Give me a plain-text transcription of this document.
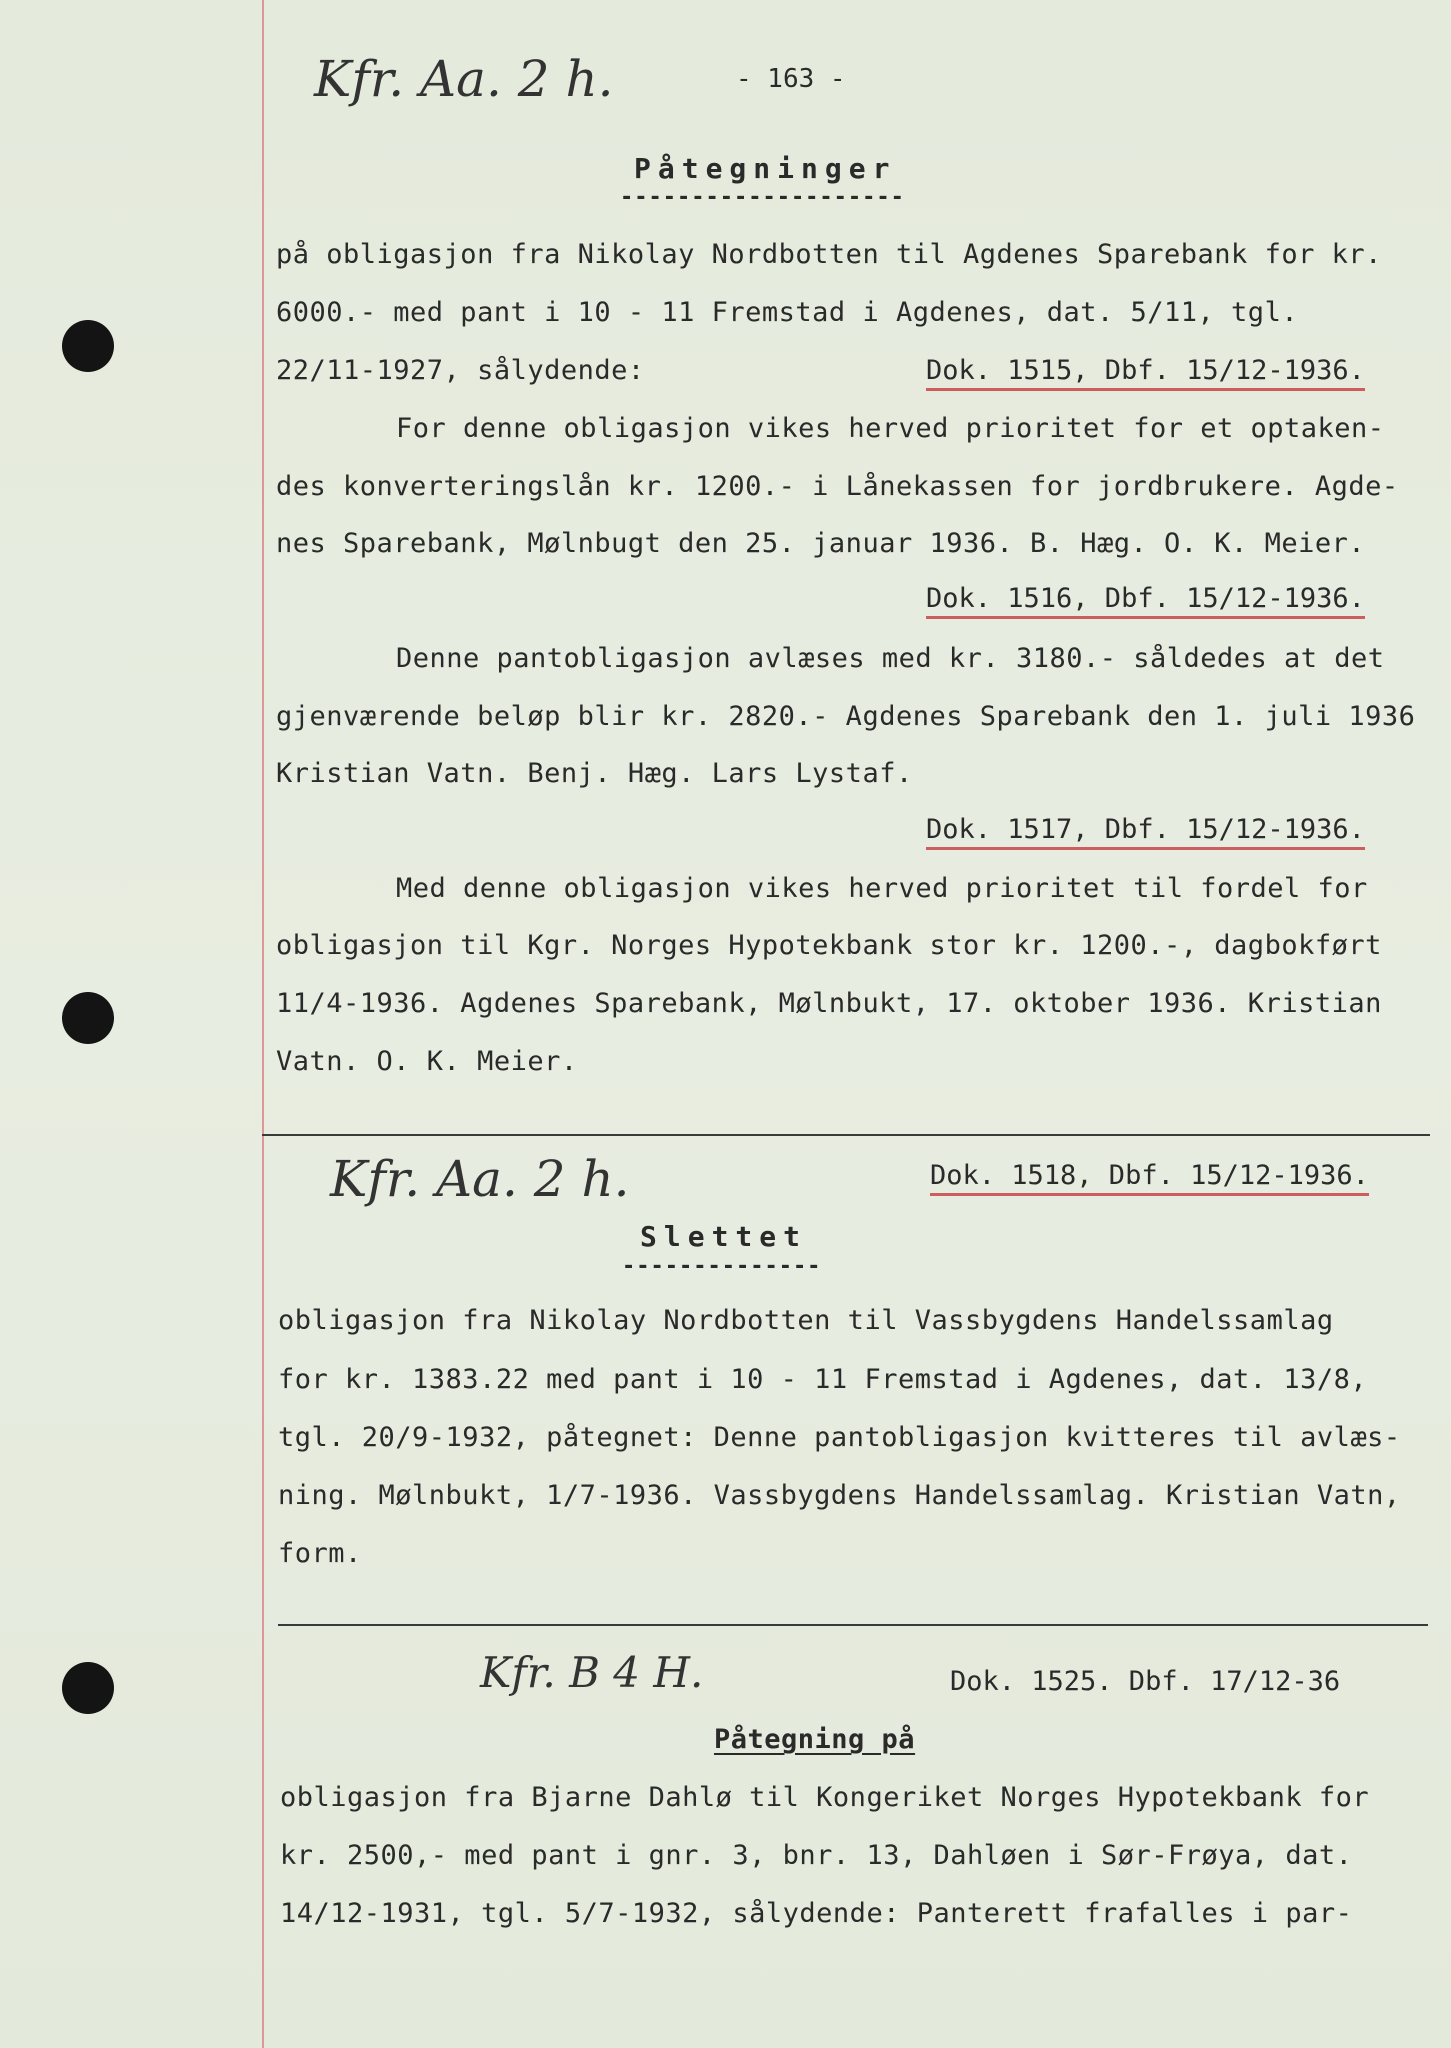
- 163 -
Kfr. Aa. 2 h.
Påtegninger
--------------------
på obligasjon fra Nikolay Nordbotten til Agdenes Sparebank for kr.
6000.- med pant i 10 - 11 Fremstad i Agdenes, dat. 5/11, tgl.
22/11-1927, sålydende:	Dok. 1515, Dbf. 15/12-1936.
For denne obligasjon vikes herved prioritet for et optaken-
des konverteringslån kr. 1200.- i Lånekassen for jordbrukere. Agde-
nes Sparebank, Mølnbugt den 25. januar 1936. B. Hæg. O. K. Meier.
Dok. 1516, Dbf. 15/12-1936.
Denne pantobligasjon avlæses med kr. 3180.- såldedes at det
gjenværende beløp blir kr. 2820.- Agdenes Sparebank den 1. juli 1936
Kristian Vatn. Benj. Hæg. Lars Lystaf.
Dok. 1517, Dbf. 15/12-1936.
Med denne obligasjon vikes herved prioritet til fordel for
obligasjon til Kgr. Norges Hypotekbank stor kr. 1200.-, dagbokført
11/4-1936. Agdenes Sparebank, Mølnbukt, 17. oktober 1936. Kristian
Vatn. O. K. Meier.
Kfr. Aa. 2 h.	Dok. 1518, Dbf. 15/12-1936.
Slettet
--------------
obligasjon fra Nikolay Nordbotten til Vassbygdens Handelssamlag
for kr. 1383.22 med pant i 10 - 11 Fremstad i Agdenes, dat. 13/8,
tgl. 20/9-1932, påtegnet: Denne pantobligasjon kvitteres til avlæs-
ning. Mølnbukt, 1/7-1936. Vassbygdens Handelssamlag. Kristian Vatn,
form.
Kfr. B 4 H.	Dok. 1525. Dbf. 17/12-36
Påtegning på
obligasjon fra Bjarne Dahlø til Kongeriket Norges Hypotekbank for
kr. 2500,- med pant i gnr. 3, bnr. 13, Dahløen i Sør-Frøya, dat.
14/12-1931, tgl. 5/7-1932, sålydende: Panterett frafalles i par-
